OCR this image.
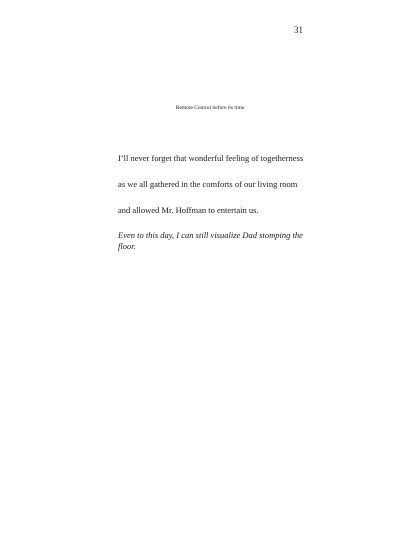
31
Remote Control before its time

I’ll never forget that wonderful feeling of togetherness

as we all gathered in the comforts of our living room

and allowed Mr. Hoffman to entertain us.

Even to this day, I can still visualize Dad stomping the floor.
